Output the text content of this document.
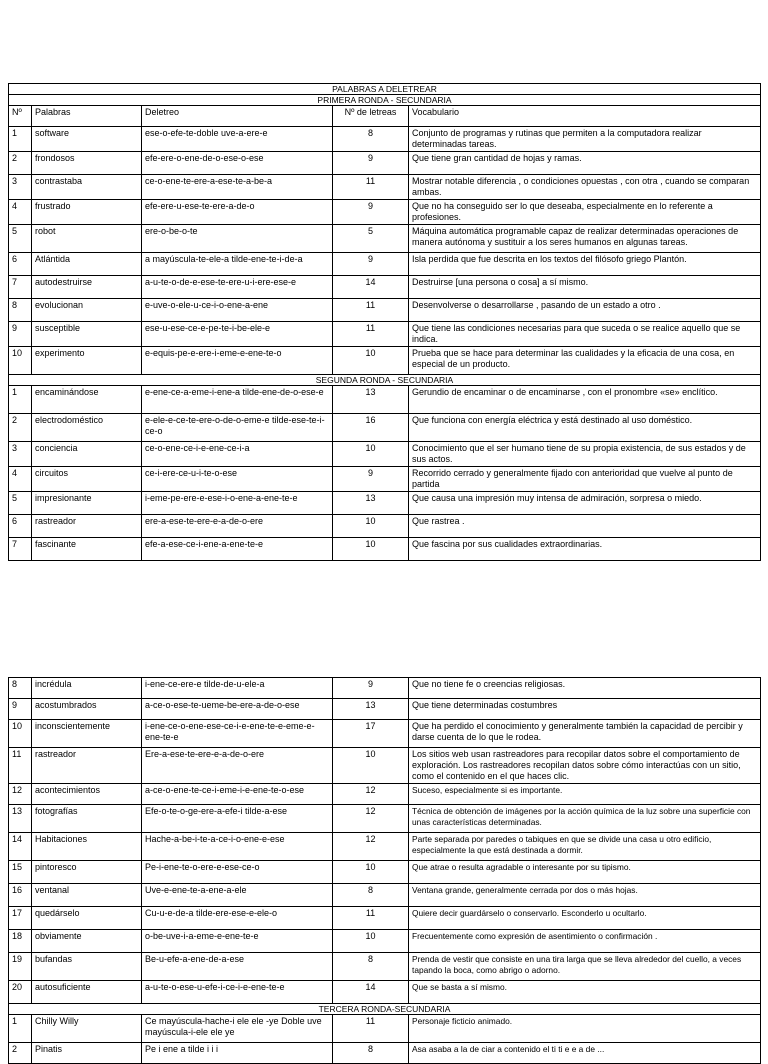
PALABRAS A DELETREAR				
PRIMERA RONDA - SECUNDARIA				
Nº	Palabras	Deletreo	Nº de letreas	Vocabulario
1	software	ese-o-efe-te-doble uve-a-ere-e	8	Conjunto de programas y rutinas que permiten a la computadora realizar determinadas tareas.
2	frondosos	efe-ere-o-ene-de-o-ese-o-ese	9	Que tiene gran cantidad de hojas y ramas.
3	contrastaba	ce-o-ene-te-ere-a-ese-te-a-be-a	11	Mostrar notable diferencia , o condiciones opuestas , con otra , cuando se comparan ambas.
4	frustrado	efe-ere-u-ese-te-ere-a-de-o	9	Que no ha conseguido ser lo que deseaba, especialmente en lo referente a profesiones.
5	robot	ere-o-be-o-te	5	Máquina automática programable capaz de realizar determinadas operaciones de manera autónoma y sustituir a los seres humanos en algunas tareas.
6	Atlántida	a mayúscula-te-ele-a tilde-ene-te-i-de-a	9	Isla perdida que fue descrita en los textos del filósofo griego Plantón.
7	autodestruirse	a-u-te-o-de-e-ese-te-ere-u-i-ere-ese-e	14	Destruirse [una persona o cosa] a sí mismo.
8	evolucionan	e-uve-o-ele-u-ce-i-o-ene-a-ene	11	Desenvolverse o desarrollarse , pasando de un estado a otro .
9	susceptible	ese-u-ese-ce-e-pe-te-i-be-ele-e	11	Que tiene las condiciones necesarias para que suceda o se realice aquello que se indica.
10	experimento	e-equis-pe-e-ere-i-eme-e-ene-te-o	10	Prueba que se hace para determinar las cualidades y la eficacia de una cosa, en especial de un producto.
SEGUNDA RONDA - SECUNDARIA				
1	encaminándose	e-ene-ce-a-eme-i-ene-a tilde-ene-de-o-ese-e	13	Gerundio de encaminar o de encaminarse , con el pronombre «se» enclítico.
2	electrodoméstico	e-ele-e-ce-te-ere-o-de-o-eme-e tilde-ese-te-i-ce-o	16	Que funciona con energía eléctrica y está destinado al uso doméstico.
3	conciencia	ce-o-ene-ce-i-e-ene-ce-i-a	10	Conocimiento que el ser humano tiene de su propia existencia, de sus estados y de sus actos.
4	circuitos	ce-i-ere-ce-u-i-te-o-ese	9	Recorrido cerrado y generalmente fijado con anterioridad que vuelve al punto de partida
5	impresionante	i-eme-pe-ere-e-ese-i-o-ene-a-ene-te-e	13	Que causa una impresión muy intensa de admiración, sorpresa o miedo.
6	rastreador	ere-a-ese-te-ere-e-a-de-o-ere	10	Que rastrea .
7	fascinante	efe-a-ese-ce-i-ene-a-ene-te-e	10	Que fascina por sus cualidades extraordinarias.
8	incrédula	i-ene-ce-ere-e tilde-de-u-ele-a	9	Que no tiene fe o creencias religiosas.
9	acostumbrados	a-ce-o-ese-te-ueme-be-ere-a-de-o-ese	13	Que tiene determinadas costumbres
10	inconscientemente	i-ene-ce-o-ene-ese-ce-i-e-ene-te-e-eme-e-ene-te-e	17	Que ha perdido el conocimiento y generalmente también la capacidad de percibir y darse cuenta de lo que le rodea.
11	rastreador	Ere-a-ese-te-ere-e-a-de-o-ere	10	Los sitios web usan rastreadores para recopilar datos sobre el comportamiento de exploración. Los rastreadores recopilan datos sobre cómo interactúas con un sitio, como el contenido en el que haces clic.
12	acontecimientos	a-ce-o-ene-te-ce-i-eme-i-e-ene-te-o-ese	12	Suceso, especialmente si es importante.
13	fotografías	Efe-o-te-o-ge-ere-a-efe-i tilde-a-ese	12	Técnica de obtención de imágenes por la acción química de la luz sobre una superficie con unas características determinadas.
14	Habitaciones	Hache-a-be-i-te-a-ce-i-o-ene-e-ese	12	Parte separada por paredes o tabiques en que se divide una casa u otro edificio, especialmente la que está destinada a dormir.
15	pintoresco	Pe-i-ene-te-o-ere-e-ese-ce-o	10	Que atrae o resulta agradable o interesante por su tipismo.
16	ventanal	Uve-e-ene-te-a-ene-a-ele	8	Ventana grande, generalmente cerrada por dos o más hojas.
17	quedárselo	Cu-u-e-de-a tilde-ere-ese-e-ele-o	11	Quiere decir guardárselo o conservarlo. Esconderlo u ocultarlo.
18	obviamente	o-be-uve-i-a-eme-e-ene-te-e	10	Frecuentemente como expresión de asentimiento o confirmación .
19	bufandas	Be-u-efe-a-ene-de-a-ese	8	Prenda de vestir que consiste en una tira larga que se lleva alrededor del cuello, a veces tapando la boca, como abrigo o adorno.
20	autosuficiente	a-u-te-o-ese-u-efe-i-ce-i-e-ene-te-e	14	Que se basta a sí mismo.
TERCERA RONDA-SECUNDARIA				
1	Chilly Willy	Ce mayúscula-hache-i ele ele -ye Doble uve mayúscula-i-ele ele ye	11	Personaje ficticio animado.
2	Pinatis	Pe i ene a tilde i i i	8	Asa asaba a la de ciar a contenido el ti ti e e a de ...
